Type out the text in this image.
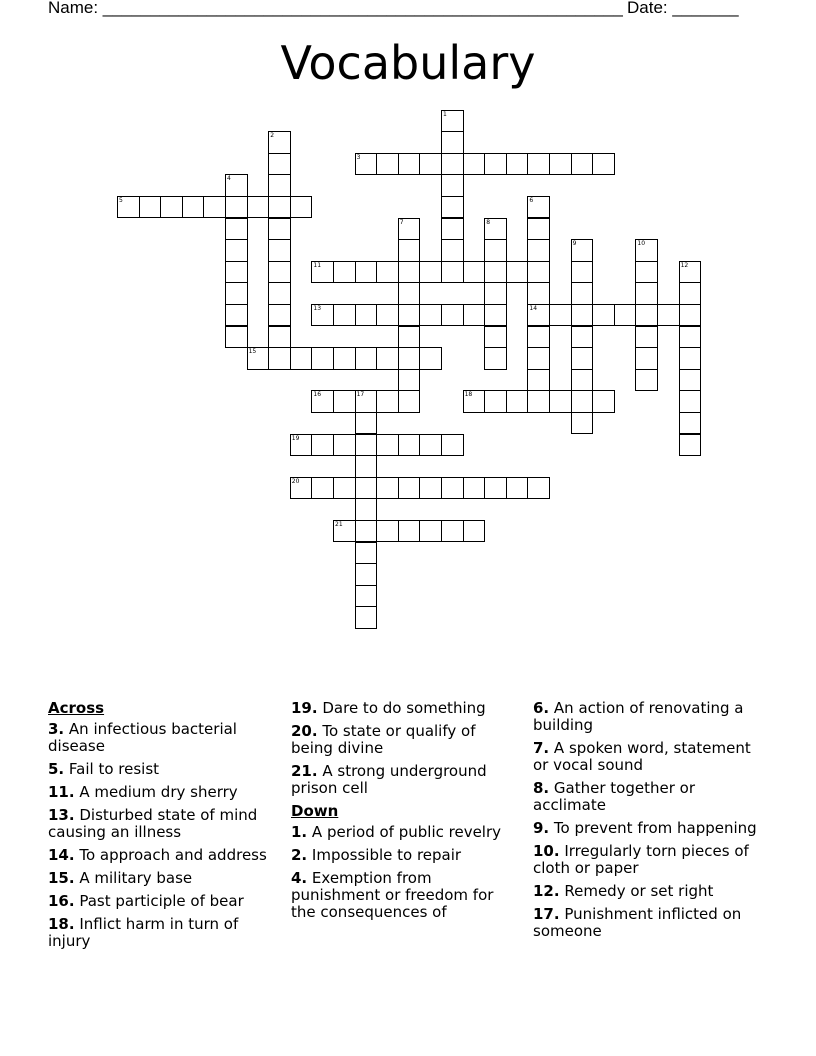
Name: _______________________________________________________ Date: _______
Vocabulary
1
2
3
4
5	6
14
7	8
9	10
11	12
13
15
16	17	18
19
20
21
Across
3. An infectious bacterial disease
5. Fail to resist
11. A medium dry sherry
13. Disturbed state of mind causing an illness
14. To approach and address
15. A military base
16. Past participle of bear
18. Inflict harm in turn of injury
19. Dare to do something
20. To state or qualify of being divine
21. A strong underground prison cell
Down
1. A period of public revelry
2. Impossible to repair
4. Exemption from punishment or freedom for the consequences of
6. An action of renovating a building
7. A spoken word, statement or vocal sound
8. Gather together or acclimate
9. To prevent from happening
10. Irregularly torn pieces of cloth or paper
12. Remedy or set right
17. Punishment inflicted on someone
